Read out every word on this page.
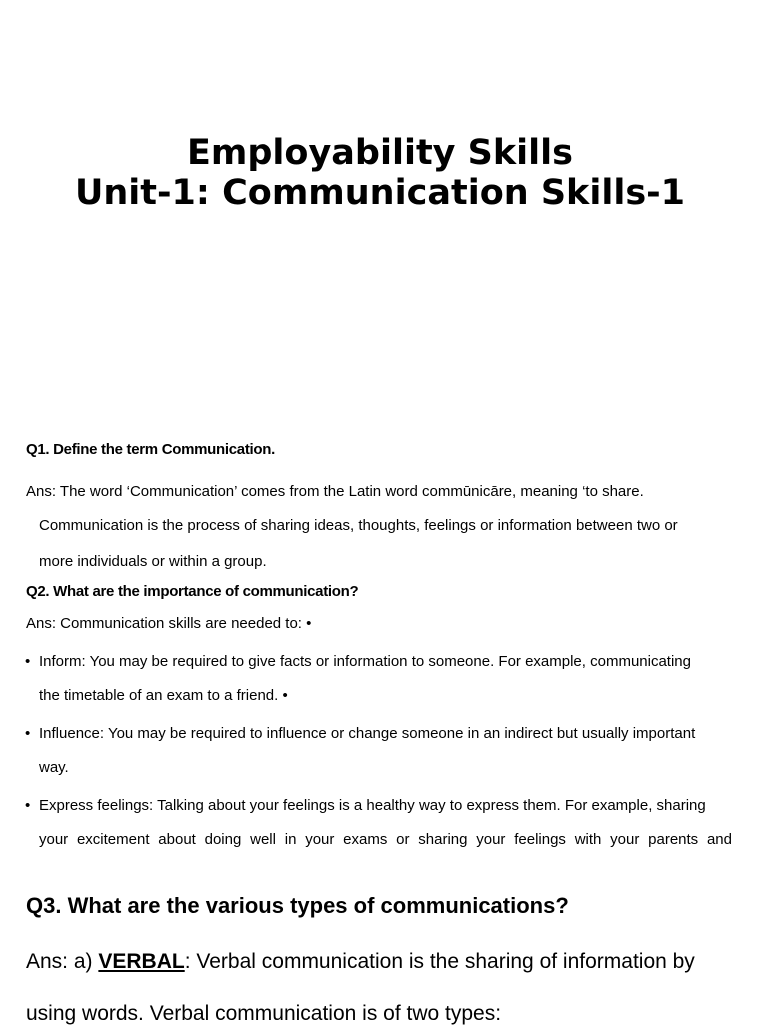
Employability Skills
Unit-1: Communication Skills-1
Q1. Define the term Communication.
Ans: The word ‘Communication’ comes from the Latin word commūnicāre, meaning ‘to share.
Communication is the process of sharing ideas, thoughts, feelings or information between two or
more individuals or within a group.
Q2. What are the importance of communication?
Ans: Communication skills are needed to: •
• Inform: You may be required to give facts or information to someone. For example, communicating
the timetable of an exam to a friend. •
• Influence: You may be required to influence or change someone in an indirect but usually important
way.
• Express feelings: Talking about your feelings is a healthy way to express them. For example, sharing
your excitement about doing well in your exams or sharing your feelings with your parents and
Q3. What are the various types of communications?
Ans: a) VERBAL: Verbal communication is the sharing of information by
using words. Verbal communication is of two types:
